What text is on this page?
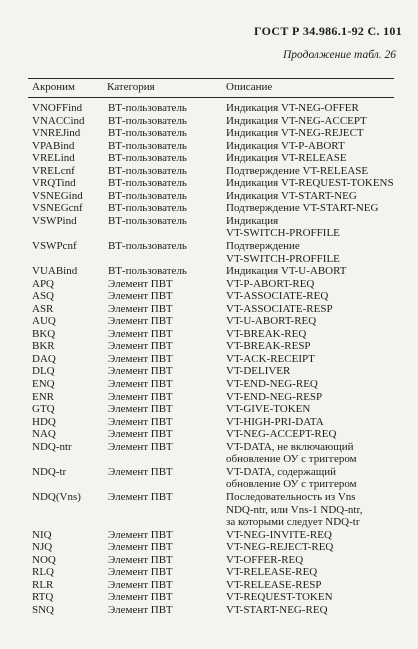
ГОСТ Р 34.986.1-92 С. 101
Продолжение табл. 26
Акроним	Категория	Описание
VNOFFind ВТ-пользователь	Индикация VT-NEG-OFFER
VNACCind ВТ-пользователь	Индикация VT-NEG-ACCEPT
VNREJind	ВТ-пользователь	Индикация VT-NEG-REJECT
VPABind	ВТ-пользователь	Индикация VT-P-ABORT
VRELind	ВТ-пользователь	Индикация VT-RELEASE
VRELcnf	ВТ-пользователь	Подтверждение VT-RELEASE
VRQTind	ВТ-пользователь	Индикация VT-REQUEST-TOKENS
VSNEGind ВТ-пользователь	Индикация VT-START-NEG
VSNEGcnf ВТ-пользователь	Подтверждение VT-START-NEG
VSWPind	ВТ-пользователь	Индикация
VT-SWITCH-PROFFILE
VSWPcnf	ВТ-пользователь	Подтверждение
VT-SWITCH-PROFFILE
VUABind	ВТ-пользователь	Индикация VT-U-ABORT
APQ	Элемент ПВТ	VT-P-ABORT-REQ
ASQ	Элемент ПВТ	VT-ASSOCIATE-REQ
ASR	Элемент ПВТ	VT-ASSOCIATE-RESP
AUQ	Элемент ПВТ	VT-U-ABORT-REQ
BKQ	Элемент ПВТ	VT-BREAK-REQ
BKR	Элемент ПВТ	VT-BREAK-RESP
DAQ	Элемент ПВТ	VT-ACK-RECEIPT
DLQ	Элемент ПВТ	VT-DELIVER
ENQ	Элемент ПВТ	VT-END-NEG-REQ
ENR	Элемент ПВТ	VT-END-NEG-RESP
GTQ	Элемент ПВТ	VT-GIVE-TOKEN
HDQ	Элемент ПВТ	VT-HIGH-PRI-DATA
NAQ	Элемент ПВТ	VT-NEG-ACCEPT-REQ
NDQ-ntr	Элемент ПВТ	VT-DATA, не включающий
обновление ОУ с триггером
NDQ-tr	Элемент ПВТ	VT-DATA, содержащий
обновление ОУ с триггером
NDQ(Vns) Элемент ПВТ	Последовательность из Vns
NDQ-ntr, или Vns-1 NDQ-ntr,
за которыми следует NDQ-tr
NIQ	Элемент ПВТ	VT-NEG-INVITE-REQ
NJQ	Элемент ПВТ	VT-NEG-REJECT-REQ
NOQ	Элемент ПВТ	VT-OFFER-REQ
RLQ	Элемент ПВТ	VT-RELEASE-REQ
RLR	Элемент ПВТ	VT-RELEASE-RESP
RTQ	Элемент ПВТ	VT-REQUEST-TOKEN
SNQ	Элемент ПВТ	VT-START-NEG-REQ
